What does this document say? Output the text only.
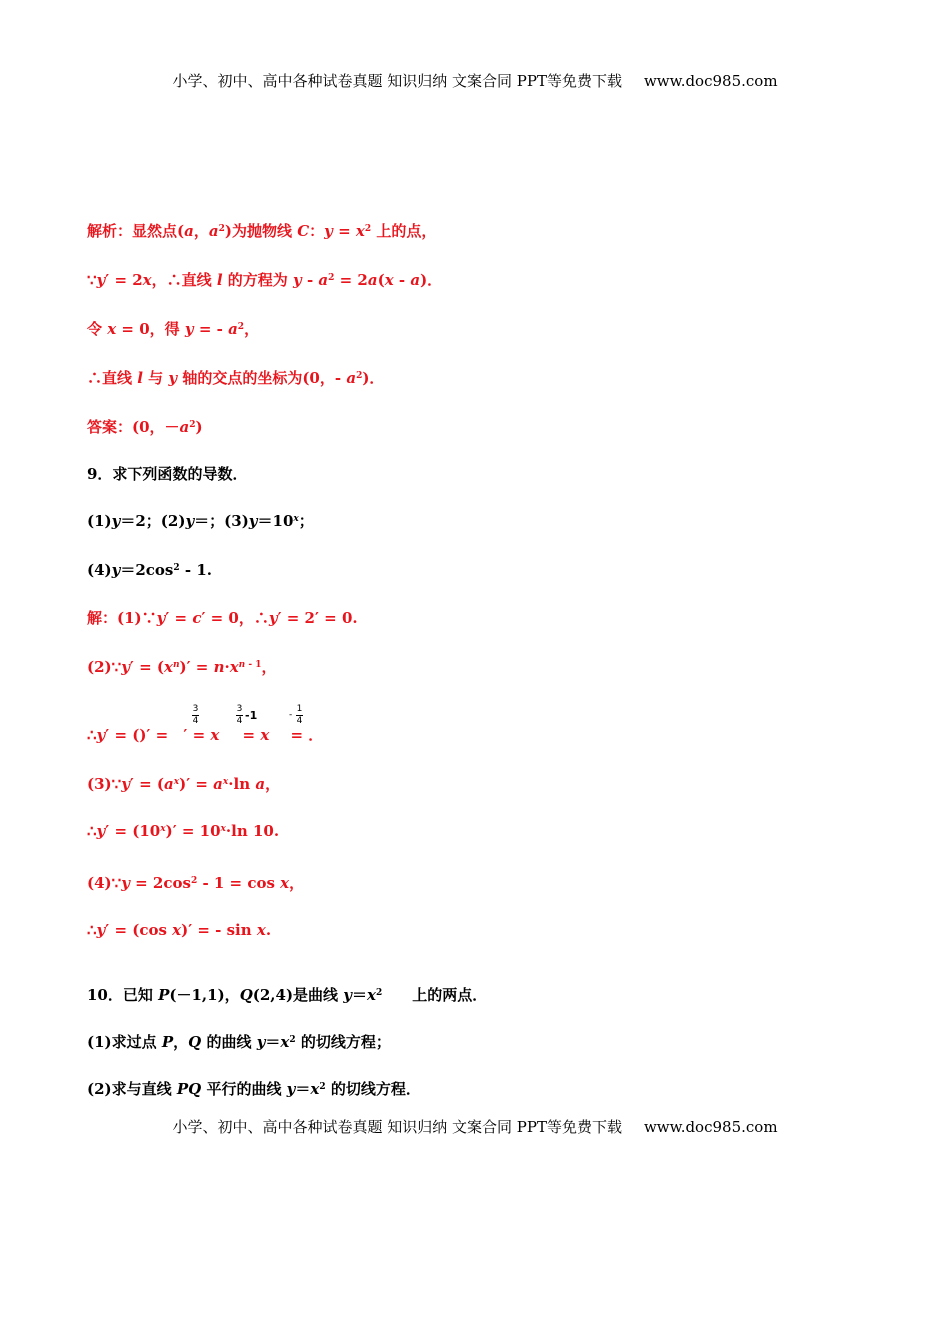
小学、初中、高中各种试卷真题 知识归纳 文案合同 PPT等免费下载 www.doc985.com
解析：显然点(a，$a^2$)为抛物线 C：$y = x^2$ 上的点，
∵y′ = 2x，∴直线 l 的方程为 $y - a^2 = 2a(x - a)$．
令 x = 0，得 y = - $a^2$，
∴直线 l 与 y 轴的交点的坐标为(0，- $a^2$)．
答案：(0，$-a^2$)
9．求下列函数的导数．
(1)y＝2；(2)y＝；$(3)y=10^x$；
$(4)y=2\cos^2 - 1$.
解：(1)∵y′ = c′ = 0，∴y′ = 2′ = 0.
(2)∵y′ = $(x^n)' = n\cdot x^{n - 1}$，
∴y′ = ()′ = ′ = x = x = ．
3
4
3
4 -1	-
1
4
(3)∵y′ = $(a^x)' = a^x\cdot\ln$ a，
∴y′ = $(10^x)' = 10^x\cdot\ln$ 10.
(4)∵y = $2\cos^2 - 1 = \cos x$，
∴y′ = (cos x)′ = - sin x.
10．已知 P(－1,1)，Q(2,4)是曲线 $y=x^2$ 上的两点．
(1)求过点 P，Q 的曲线 $y=x^2$ 的切线方程；
(2)求与直线 PQ 平行的曲线 $y=x^2$ 的切线方程．
小学、初中、高中各种试卷真题 知识归纳 文案合同 PPT等免费下载 www.doc985.com
